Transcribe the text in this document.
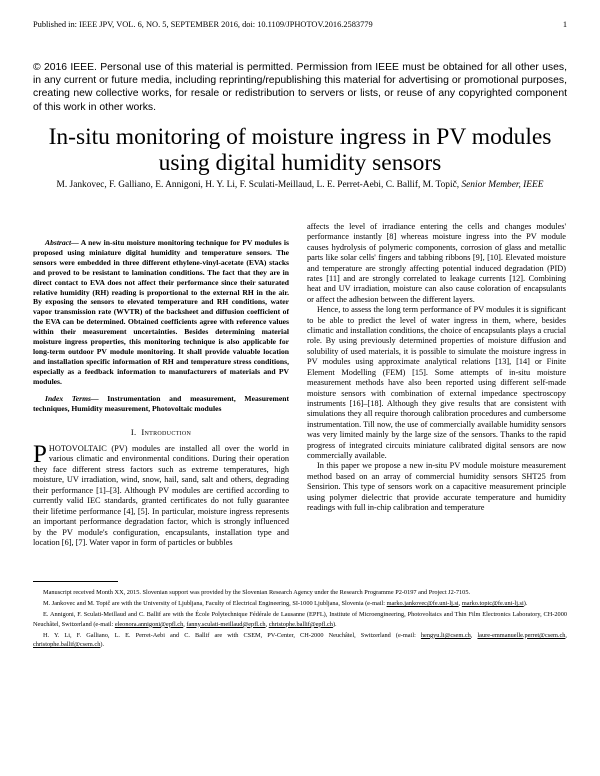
Published in: IEEE JPV, VOL. 6, NO. 5, SEPTEMBER 2016, doi: 10.1109/JPHOTOV.2016.2583779	1
© 2016 IEEE. Personal use of this material is permitted. Permission from IEEE must be obtained for all other uses, in any current or future media, including reprinting/republishing this material for advertising or promotional purposes, creating new collective works, for resale or redistribution to servers or lists, or reuse of any copyrighted component of this work in other works.
In-situ monitoring of moisture ingress in PV modules using digital humidity sensors
M. Jankovec, F. Galliano, E. Annigoni, H. Y. Li, F. Sculati-Meillaud, L. E. Perret-Aebi, C. Ballif, M. Topič, Senior Member, IEEE

Abstract— A new in-situ moisture monitoring technique for PV modules is proposed using miniature digital humidity and temperature sensors. The sensors were embedded in three different ethylene-vinyl-acetate (EVA) stacks and proved to be resistant to lamination conditions. The fact that they are in direct contact to EVA does not affect their performance since their saturated relative humidity (RH) reading is proportional to the external RH in the air. By exposing the sensors to elevated temperature and RH conditions, water vapor transmission rate (WVTR) of the backsheet and diffusion coefficient of the EVA can be determined. Obtained coefficients agree with reference values within their measurement uncertainties. Besides determining material moisture ingress properties, this monitoring technique is also applicable for long-term outdoor PV module monitoring. It shall provide valuable location and installation specific information of RH and temperature stress conditions, especially as a feedback information to manufacturers of materials and PV modules.

Index Terms— Instrumentation and measurement, Measurement techniques, Humidity measurement, Photovoltaic modules

I. Introduction

PHOTOVOLTAIC (PV) modules are installed all over the world in various climatic and environmental conditions. During their operation they face different stress factors such as extreme temperatures, high moisture, UV irradiation, wind, snow, hail, sand, salt and others, degrading their performance [1]–[3]. Although PV modules are certified according to currently valid IEC standards, granted certificates do not fully guarantee their lifetime performance [4], [5]. In particular, moisture ingress represents an important performance degradation factor, which is strongly influenced by the PV module's configuration, encapsulants, installation type and location [6], [7]. Water vapor in form of particles or bubbles

affects the level of irradiance entering the cells and changes modules' performance instantly [8] whereas moisture ingress into the PV module causes hydrolysis of polymeric components, corrosion of glass and metallic parts like solar cells' fingers and tabbing ribbons [9], [10]. Elevated moisture and temperature are strongly affecting potential induced degradation (PID) rates [11] and are strongly correlated to leakage currents [12]. Combining heat and UV irradiation, moisture can also cause coloration of encapsulants or affect the adhesion between the different layers.

Hence, to assess the long term performance of PV modules it is significant to be able to predict the level of water ingress in them, where, besides climatic and installation conditions, the choice of encapsulants plays a crucial role. By using previously determined properties of moisture diffusion and solubility of used materials, it is possible to simulate the moisture ingress in PV modules using approximate analytical relations [13], [14] or Finite Element Modelling (FEM) [15]. Some attempts of in-situ moisture measurement methods have also been reported using different self-made moisture sensors with combination of external impedance spectroscopy instruments [16]–[18]. Although they give results that are consistent with simulations they all require thorough calibration procedures and cumbersome instrumentation. Till now, the use of commercially available humidity sensors was very limited mainly by the large size of the sensors. Thanks to the rapid progress of integrated circuits miniature calibrated digital sensors are now commercially available.

In this paper we propose a new in-situ PV module moisture measurement method based on an array of commercial humidity sensors SHT25 from Sensirion. This type of sensors work on a capacitive measurement principle using polymer dielectric that provide accurate temperature and humidity readings with full in-chip calibration and temperature

Manuscript received Month XX, 2015. Slovenian support was provided by the Slovenian Research Agency under the Research Programme P2-0197 and Project J2-7105.

M. Jankovec and M. Topič are with the University of Ljubljana, Faculty of Electrical Engineering, SI-1000 Ljubljana, Slovenia (e-mail: marko.jankovec@fe.uni-lj.si, marko.topic@fe.uni-lj.si).

E. Annigoni, F. Sculati-Meillaud and C. Ballif are with the École Polytechnique Fédérale de Lausanne (EPFL), Institute of Microengineering, Photovoltaics and Thin Film Electronics Laboratory, CH-2000 Neuchâtel, Switzerland (e-mail: eleonora.annigoni@epfl.ch, fanny.sculati-meillaud@epfl.ch, christophe.ballif@epfl.ch).

H. Y. Li, F. Galliano, L. E. Perret-Aebi and C. Ballif are with CSEM, PV-Center, CH-2000 Neuchâtel, Switzerland (e-mail: hengyu.li@csem.ch, laure-emmanuelle.perret@csem.ch, christophe.ballif@csem.ch).
